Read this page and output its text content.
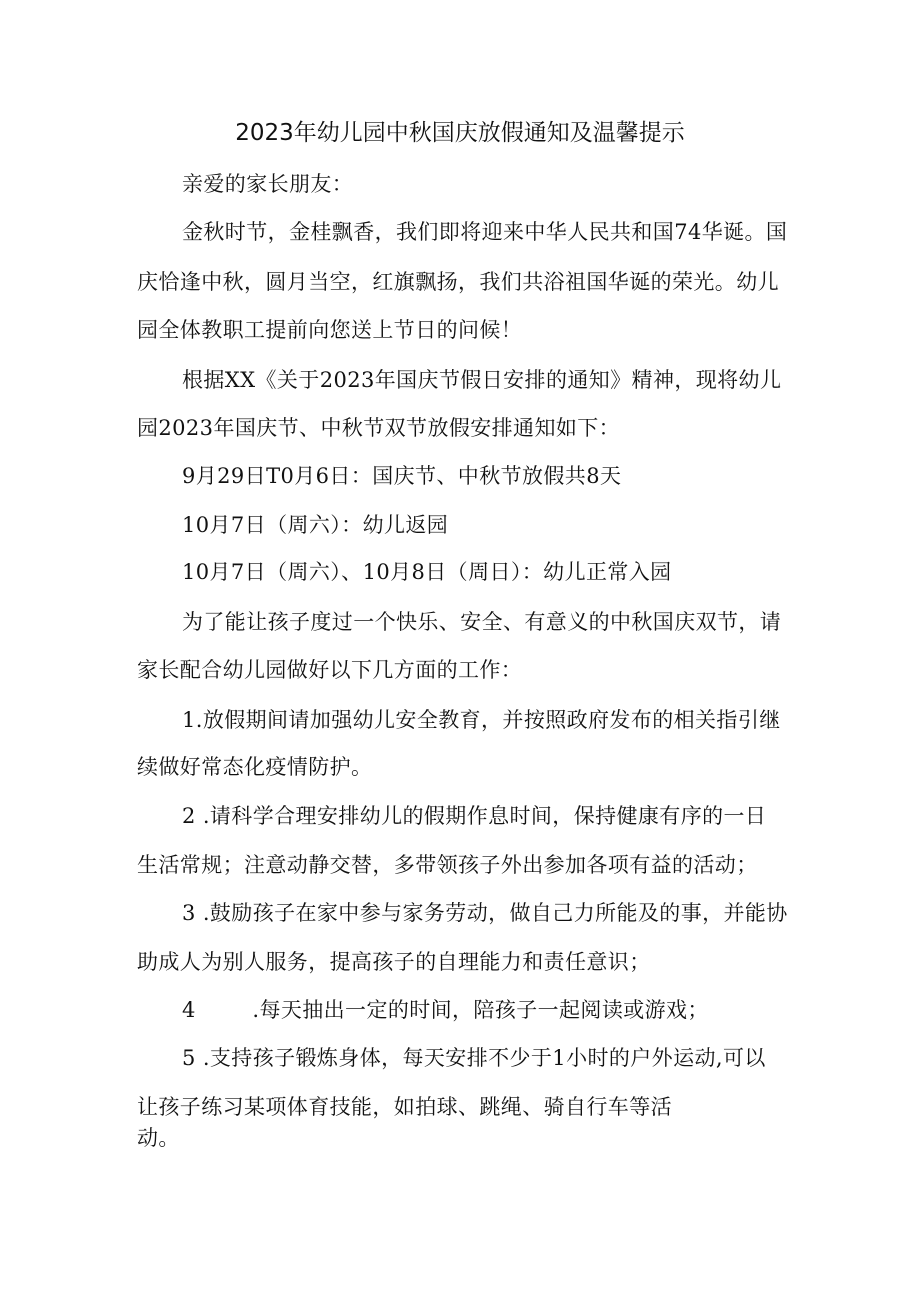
2023年幼儿园中秋国庆放假通知及温馨提示
亲爱的家长朋友：
金秋时节，金桂飘香，我们即将迎来中华人民共和国74华诞。国
庆恰逢中秋，圆月当空，红旗飘扬，我们共浴祖国华诞的荣光。幼儿
园全体教职工提前向您送上节日的问候！
根据XX《关于2023年国庆节假日安排的通知》精神，现将幼儿
园2023年国庆节、中秋节双节放假安排通知如下：
9月29日T0月6日：国庆节、中秋节放假共8天
10月7日（周六）：幼儿返园
10月7日（周六）、10月8日（周日）：幼儿正常入园
为了能让孩子度过一个快乐、安全、有意义的中秋国庆双节，请
家长配合幼儿园做好以下几方面的工作：
1.放假期间请加强幼儿安全教育，并按照政府发布的相关指引继
续做好常态化疫情防护。
2 .请科学合理安排幼儿的假期作息时间，保持健康有序的一日
生活常规；注意动静交替，多带领孩子外出参加各项有益的活动；
3 .鼓励孩子在家中参与家务劳动，做自己力所能及的事，并能协
助成人为别人服务，提高孩子的自理能力和责任意识；
4        .每天抽出一定的时间，陪孩子一起阅读或游戏；
5 .支持孩子锻炼身体，每天安排不少于1小时的户外运动,可以
让孩子练习某项体育技能，如拍球、跳绳、骑自行车等活
动。
